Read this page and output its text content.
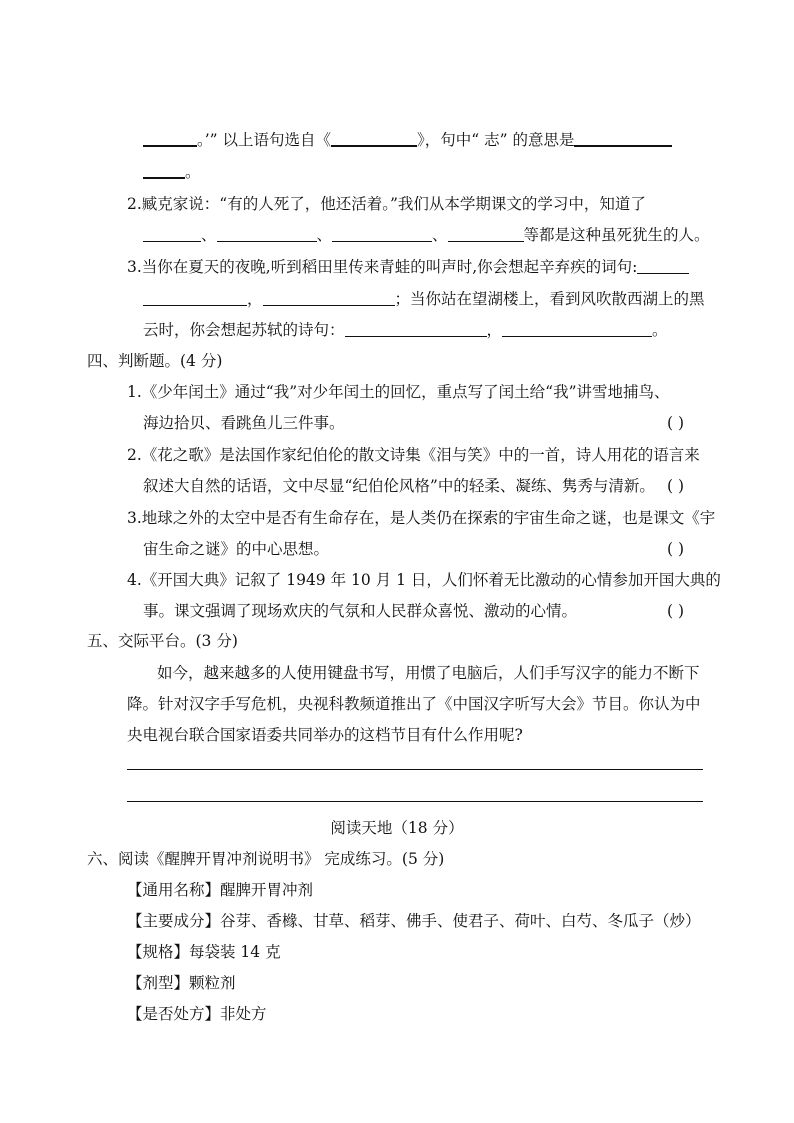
。’” 以上语句选自《	》，句中“ 志” 的意思是
。
2.臧克家说：“有的人死了，他还活着。”我们从本学期课文的学习中，知道了
、	、	、	等都是这种虽死犹生的人。
3.当你在夏天的夜晚,听到稻田里传来青蛙的叫声时,你会想起辛弃疾的词句:
，	；当你站在望湖楼上，看到风吹散西湖上的黑
云时，你会想起苏轼的诗句：	，	。
四、判断题。(4 分)
1.《少年闰土》通过“我”对少年闰土的回忆，重点写了闰土给“我”讲雪地捕鸟、
海边拾贝、看跳鱼儿三件事。	( )
2.《花之歌》是法国作家纪伯伦的散文诗集《泪与笑》中的一首，诗人用花的语言来
叙述大自然的话语，文中尽显“纪伯伦风格”中的轻柔、凝练、隽秀与清新。 ( )
3.地球之外的太空中是否有生命存在，是人类仍在探索的宇宙生命之谜，也是课文《宇
宙生命之谜》的中心思想。	( )
4.《开国大典》记叙了 1949 年 10 月 1 日，人们怀着无比激动的心情参加开国大典的
事。课文强调了现场欢庆的气氛和人民群众喜悦、激动的心情。	( )
五、交际平台。(3 分)
如今，越来越多的人使用键盘书写，用惯了电脑后，人们手写汉字的能力不断下
降。针对汉字手写危机，央视科教频道推出了《中国汉字听写大会》节目。你认为中
央电视台联合国家语委共同举办的这档节目有什么作用呢?
阅读天地（18 分）
六、阅读《醒脾开胃冲剂说明书》 完成练习。(5 分)
【通用名称】醒脾开胃冲剂
【主要成分】谷芽、香橼、甘草、稻芽、佛手、使君子、荷叶、白芍、冬瓜子（炒）
【规格】每袋装 14 克
【剂型】颗粒剂
【是否处方】非处方
